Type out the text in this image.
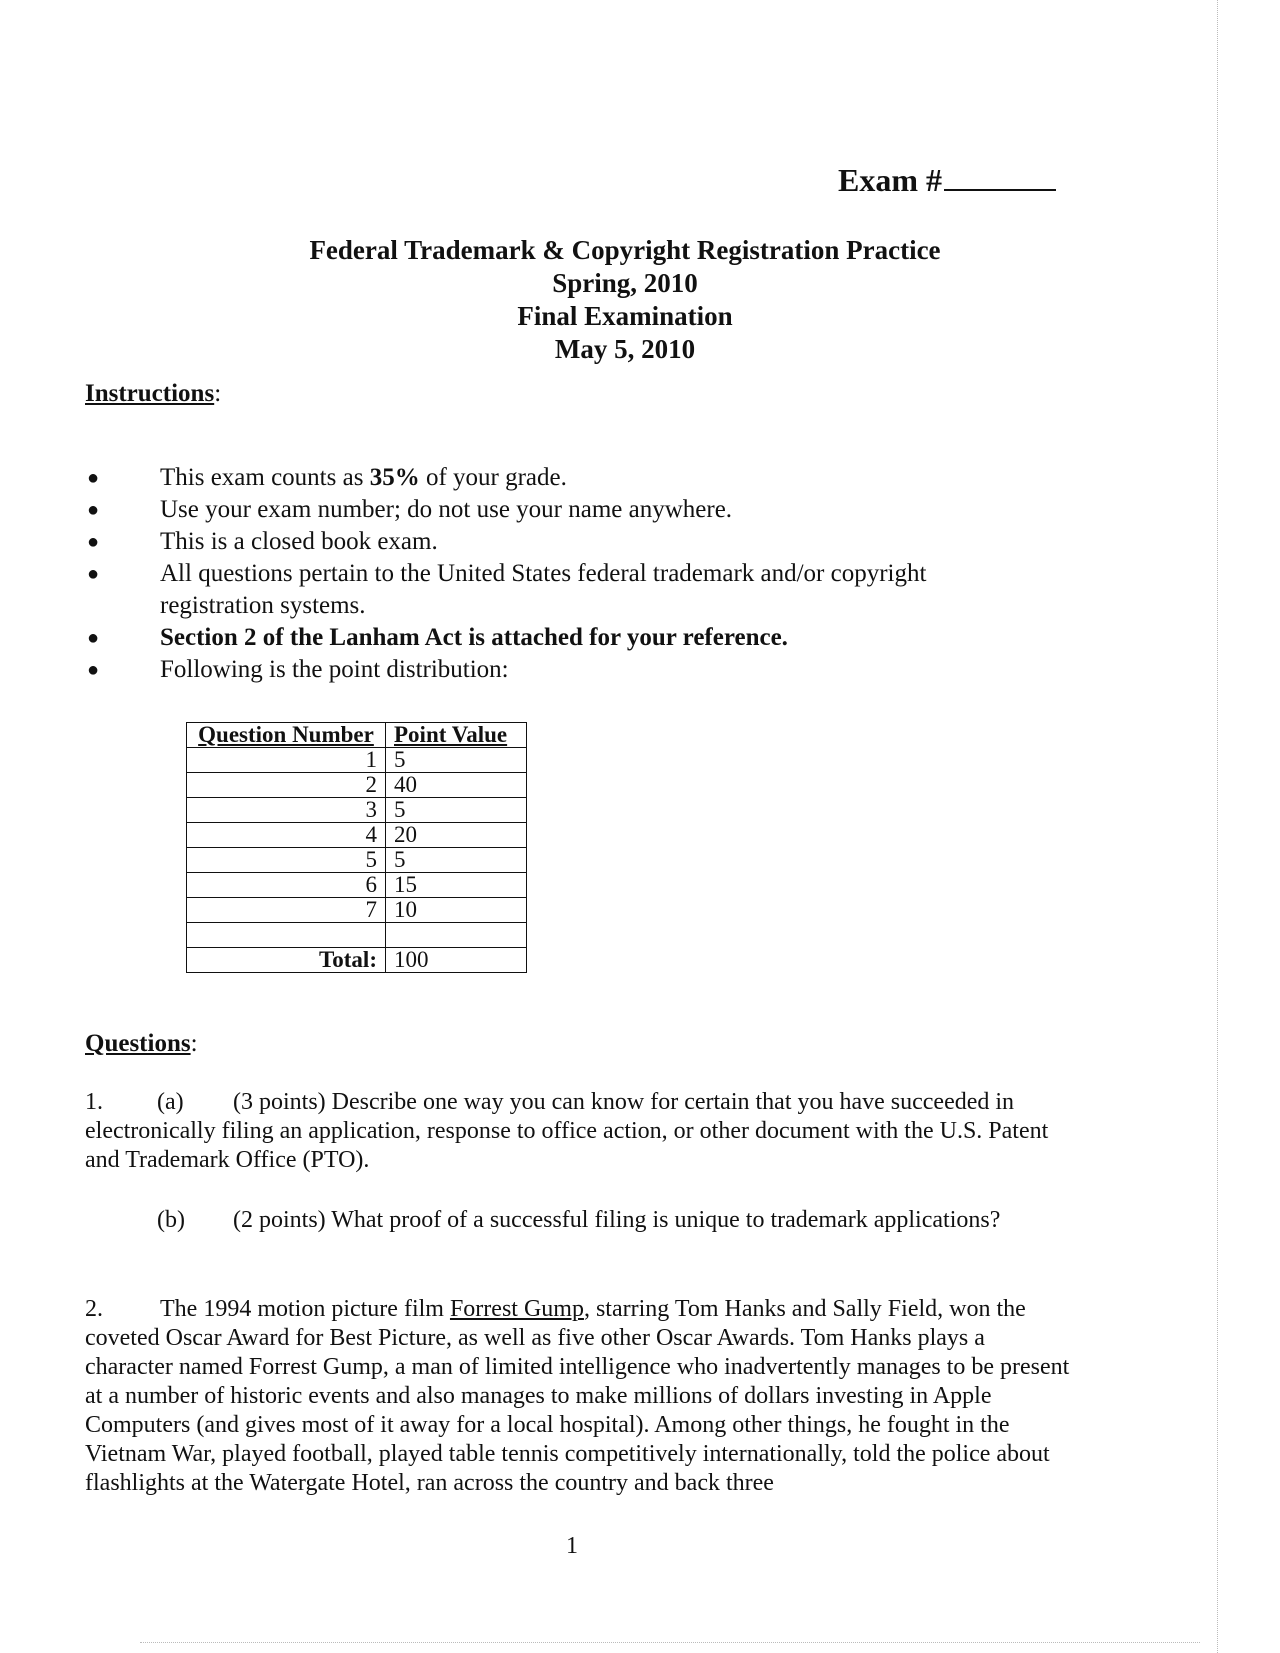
Exam #
Federal Trademark & Copyright Registration Practice
Spring, 2010
Final Examination
May 5, 2010
Instructions:
● This exam counts as 35% of your grade.
● Use your exam number; do not use your name anywhere.
● This is a closed book exam.
● All questions pertain to the United States federal trademark and/or copyright registration systems.
● Section 2 of the Lanham Act is attached for your reference.
● Following is the point distribution:
Question Number	Point Value
1	5
2	40
3	5
4	20
5	5
6	15
7	10

Total:	100
Questions:
1. (a) (3 points) Describe one way you can know for certain that you have succeeded in electronically filing an application, response to office action, or other document with the U.S. Patent and Trademark Office (PTO).
(b) (2 points) What proof of a successful filing is unique to trademark applications?
2. The 1994 motion picture film Forrest Gump, starring Tom Hanks and Sally Field, won the coveted Oscar Award for Best Picture, as well as five other Oscar Awards. Tom Hanks plays a character named Forrest Gump, a man of limited intelligence who inadvertently manages to be present at a number of historic events and also manages to make millions of dollars investing in Apple Computers (and gives most of it away for a local hospital). Among other things, he fought in the Vietnam War, played football, played table tennis competitively internationally, told the police about flashlights at the Watergate Hotel, ran across the country and back three
1
